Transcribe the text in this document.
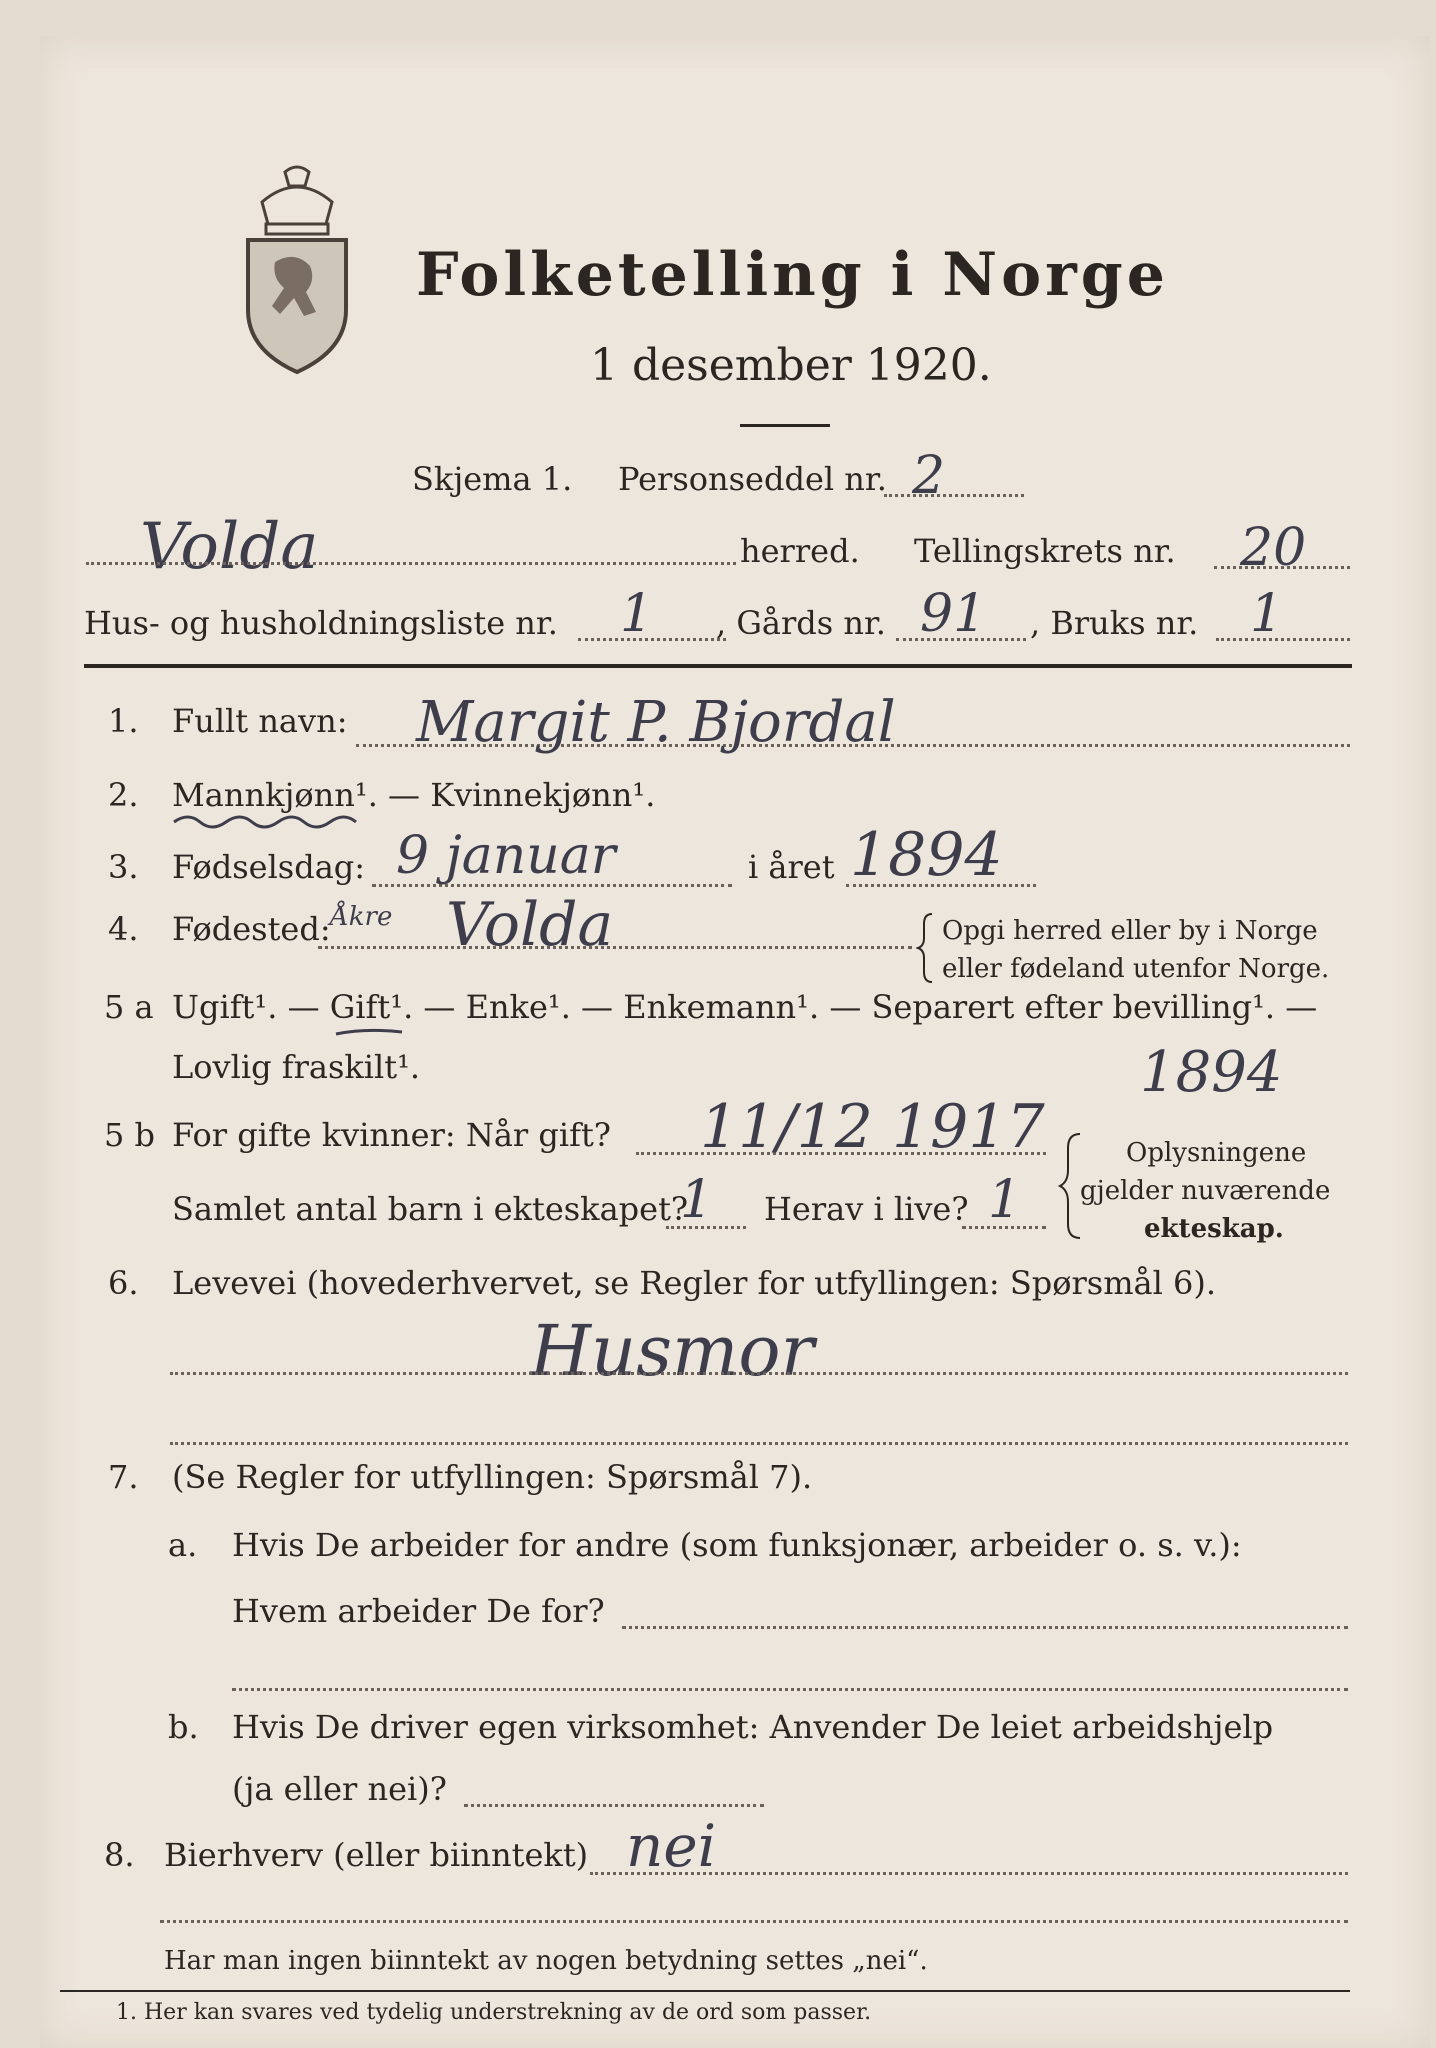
Folketelling i Norge
1 desember 1920.
Skjema 1. Personseddel nr. 2
Volda	herred. Tellingskrets nr. 20
Hus- og husholdningsliste nr. 1 , Gårds nr. 91 , Bruks nr. 1
1. Fullt navn: Margit P. Bjordal
2. Mannkjønn¹. — Kvinnekjønn¹.
3. Fødselsdag: 9 januar	i året 1894
4. Fødested: Åkre Volda	Opgi herred eller by i Norge
eller fødeland utenfor Norge.
5 a Ugift¹. — Gift¹. — Enke¹. — Enkemann¹. — Separert efter bevilling¹. —
Lovlig fraskilt¹.	1894
5 b For gifte kvinner: Når gift? 11/12 1917
Samlet antal barn i ekteskapet?
1 Herav i live? 1
Oplysningene
gjelder nuværende
ekteskap.
6. Levevei (hovederhvervet, se Regler for utfyllingen: Spørsmål 6).
Husmor
7. (Se Regler for utfyllingen: Spørsmål 7).
a. Hvis De arbeider for andre (som funksjonær, arbeider o. s. v.):
Hvem arbeider De for?
b. Hvis De driver egen virksomhet: Anvender De leiet arbeidshjelp
(ja eller nei)?
8. Bierhverv (eller biinntekt) nei
Har man ingen biinntekt av nogen betydning settes „nei“.
1. Her kan svares ved tydelig understrekning av de ord som passer.
